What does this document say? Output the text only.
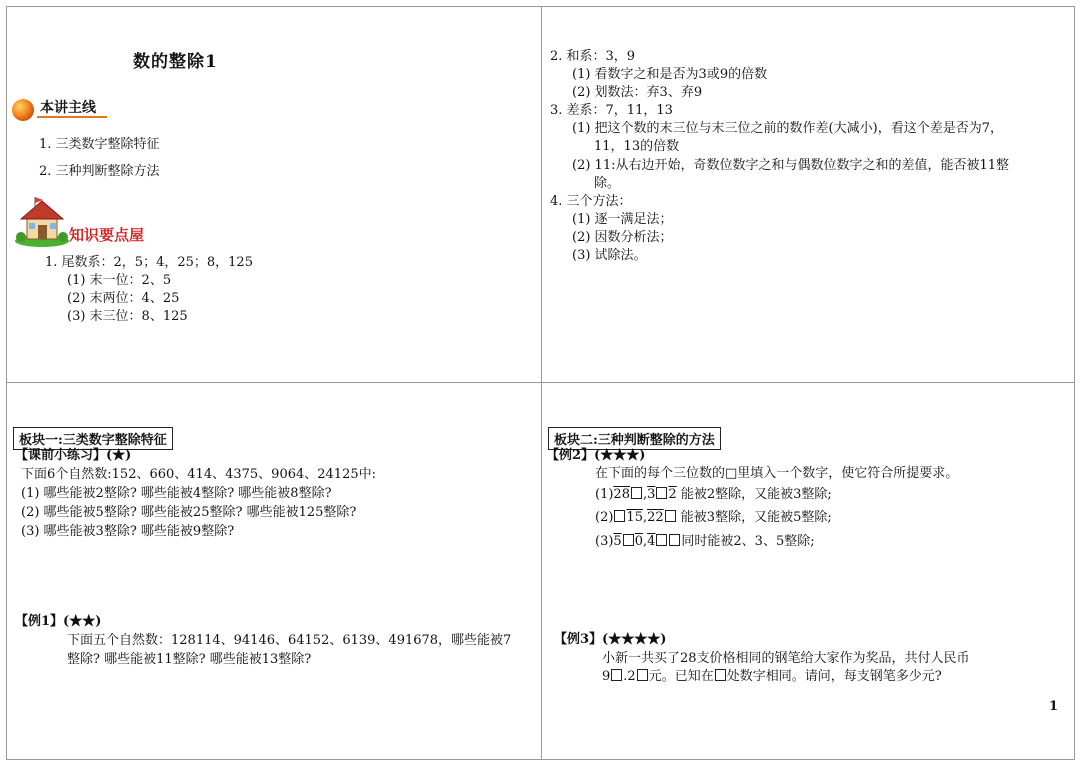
数的整除1
本讲主线
1. 三类数字整除特征
2. 三种判断整除方法
知识要点屋
1. 尾数系：2，5；4，25；8，125
(1) 末一位：2、5
(2) 末两位：4、25
(3) 末三位：8、125
2. 和系：3，9
(1) 看数字之和是否为3或9的倍数
(2) 划数法：弃3、弃9
3. 差系：7，11，13
(1) 把这个数的末三位与末三位之前的数作差(大减小)，看这个差是否为7，
11，13的倍数
(2) 11:从右边开始，奇数位数字之和与偶数位数字之和的差值，能否被11整
除。
4. 三个方法：
(1) 逐一满足法；
(2) 因数分析法；
(3) 试除法。
板块一:三类数字整除特征
【课前小练习】(★)
下面6个自然数:152、660、414、4375、9064、24125中:
(1) 哪些能被2整除? 哪些能被4整除? 哪些能被8整除?
(2) 哪些能被5整除? 哪些能被25整除? 哪些能被125整除?
(3) 哪些能被3整除? 哪些能被9整除?
【例1】(★★)
下面五个自然数：128114、94146、64152、6139、491678，哪些能被7
整除? 哪些能被11整除? 哪些能被13整除?
板块二:三种判断整除的方法
【例2】(★★★)
在下面的每个三位数的□里填入一个数字，使它符合所提要求。
(1)28 ,3 2 能被2整除，又能被3整除;
(2) 15,22 能被3整除，又能被5整除;
(3)5 0,4 同时能被2、3、5整除;
【例3】(★★★★)
小新一共买了28支价格相同的钢笔给大家作为奖品，共付人民币
9 .2 元。已知在 处数字相同。请问，每支钢笔多少元?
1
